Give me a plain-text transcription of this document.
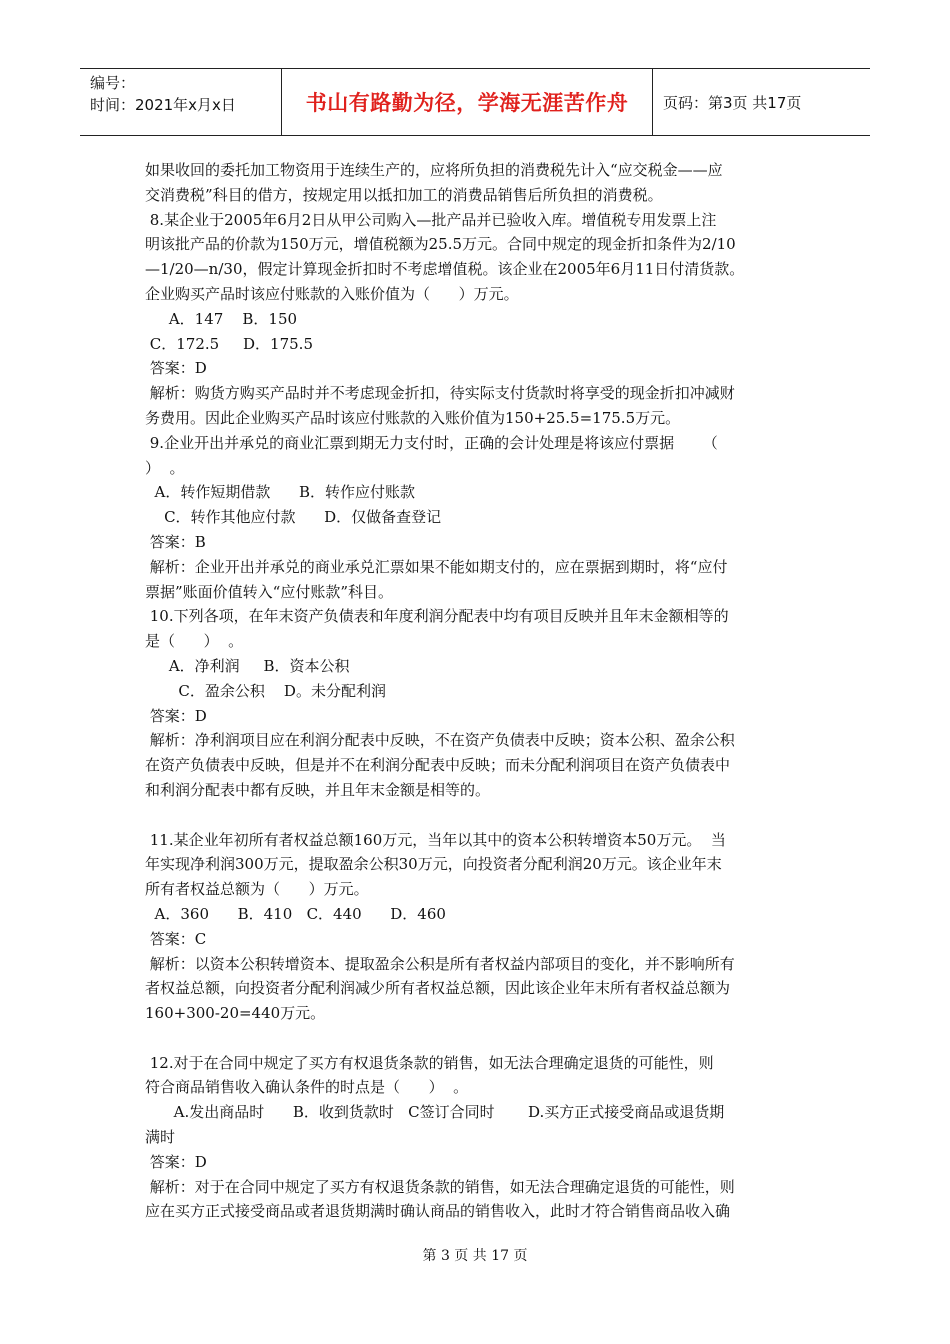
编号：
时间：2021年x月x日	书山有路勤为径，学海无涯苦作舟	页码：第3页 共17页
如果收回的委托加工物资用于连续生产的，应将所负担的消费税先计入“应交税金——应
交消费税”科目的借方，按规定用以抵扣加工的消费品销售后所负担的消费税。
8.某企业于2005年6月2日从甲公司购入—批产品并已验收入库。增值税专用发票上注
明该批产品的价款为150万元，增值税额为25.5万元。合同中规定的现金折扣条件为2/10
—1/20—n/30，假定计算现金折扣时不考虑增值税。该企业在2005年6月11日付清货款。
企业购买产品时该应付账款的入账价值为（      ）万元。
A．147    B．150
C．172.5     D．175.5
答案：D
解析：购货方购买产品时并不考虑现金折扣，待实际支付货款时将享受的现金折扣冲减财
务费用。因此企业购买产品时该应付账款的入账价值为150+25.5=175.5万元。
9.企业开出并承兑的商业汇票到期无力支付时，正确的会计处理是将该应付票据      （
）  。
A．转作短期借款      B．转作应付账款
C．转作其他应付款      D．仅做备查登记
答案：B
解析：企业开出并承兑的商业承兑汇票如果不能如期支付的，应在票据到期时，将“应付
票据”账面价值转入“应付账款”科目。
10.下列各项，在年末资产负债表和年度利润分配表中均有项目反映并且年末金额相等的
是（      ）  。
A．净利润     B．资本公积
C．盈余公积    D。未分配利润
答案：D
解析：净利润项目应在利润分配表中反映，不在资产负债表中反映；资本公积、盈余公积
在资产负债表中反映，但是并不在利润分配表中反映；而未分配利润项目在资产负债表中
和利润分配表中都有反映，并且年末金额是相等的。
11.某企业年初所有者权益总额160万元，当年以其中的资本公积转增资本50万元。  当
年实现净利润300万元，提取盈余公积30万元，向投资者分配利润20万元。该企业年末
所有者权益总额为（      ）万元。
A．360      B．410   C．440      D．460
答案：C
解析：以资本公积转增资本、提取盈余公积是所有者权益内部项目的变化，并不影响所有
者权益总额，向投资者分配利润减少所有者权益总额，因此该企业年末所有者权益总额为
160+300-20=440万元。
12.对于在合同中规定了买方有权退货条款的销售，如无法合理确定退货的可能性，则
符合商品销售收入确认条件的时点是（      ）  。
A.发出商品时      B．收到货款时   C签订合同时       D.买方正式接受商品或退货期
满时
答案：D
解析：对于在合同中规定了买方有权退货条款的销售，如无法合理确定退货的可能性，则
应在买方正式接受商品或者退货期满时确认商品的销售收入，此时才符合销售商品收入确
第 3 页 共 17 页
